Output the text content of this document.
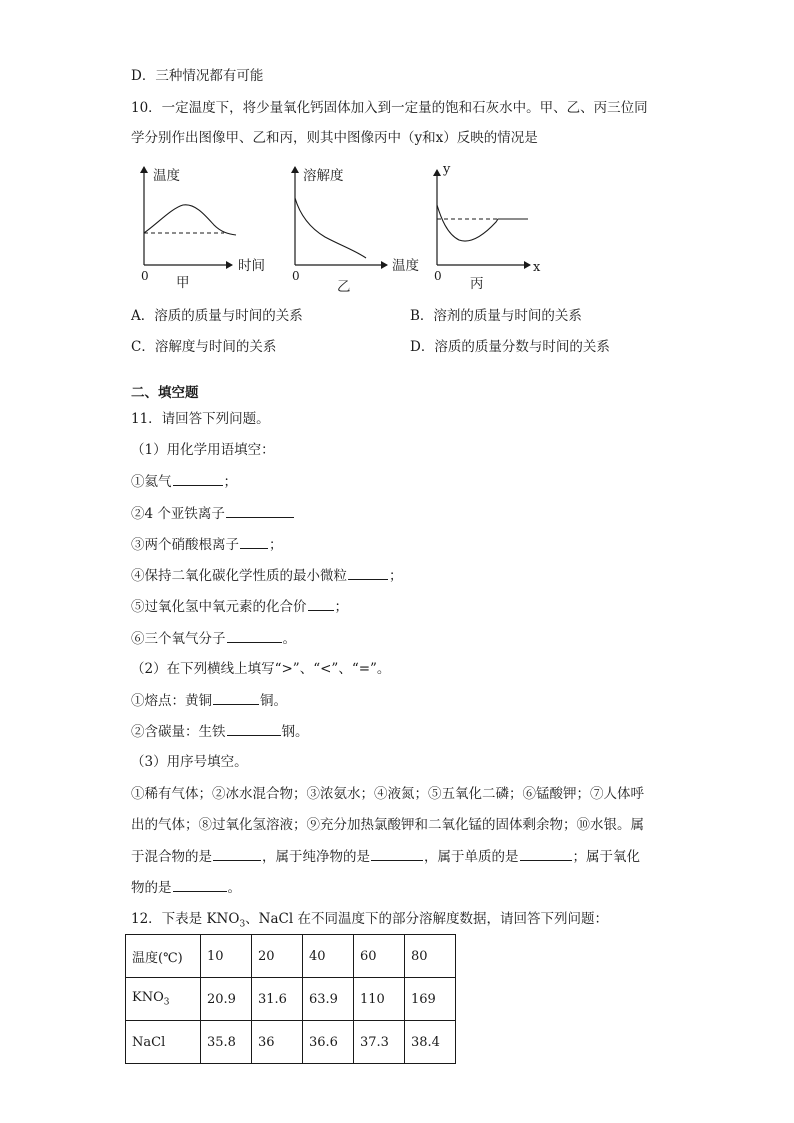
D．三种情况都有可能
10．一定温度下，将少量氧化钙固体加入到一定量的饱和石灰水中。甲、乙、丙三位同
学分别作出图像甲、乙和丙，则其中图像丙中（y和x）反映的情况是
温度
时间
0 甲
溶解度
温度
0
乙
y
x
0 丙
A．溶质的质量与时间的关系	B．溶剂的质量与时间的关系
C．溶解度与时间的关系	D．溶质的质量分数与时间的关系
二、填空题
11．请回答下列问题。
（1）用化学用语填空：
①氦气	；
②4 个亚铁离子
③两个硝酸根离子 ；
④保持二氧化碳化学性质的最小微粒	；
⑤过氧化氢中氧元素的化合价 ；
⑥三个氧气分子	。
（2）在下列横线上填写“>”、“<”、“=”。
①熔点：黄铜	铜。
②含碳量：生铁	钢。
（3）用序号填空。
①稀有气体；②冰水混合物；③浓氨水；④液氮；⑤五氧化二磷；⑥锰酸钾；⑦人体呼
出的气体；⑧过氧化氢溶液；⑨充分加热氯酸钾和二氧化锰的固体剩余物；⑩水银。属
于混合物的是	，属于纯净物的是	，属于单质的是	；属于氧化
物的是	。
12．下表是 $KNO_3$、NaCl 在不同温度下的部分溶解度数据，请回答下列问题：
温度(℃)	10	20	40	60	80
$KNO_3$	20.9	31.6	63.9	110	169
NaCl	35.8	36	36.6	37.3	38.4
